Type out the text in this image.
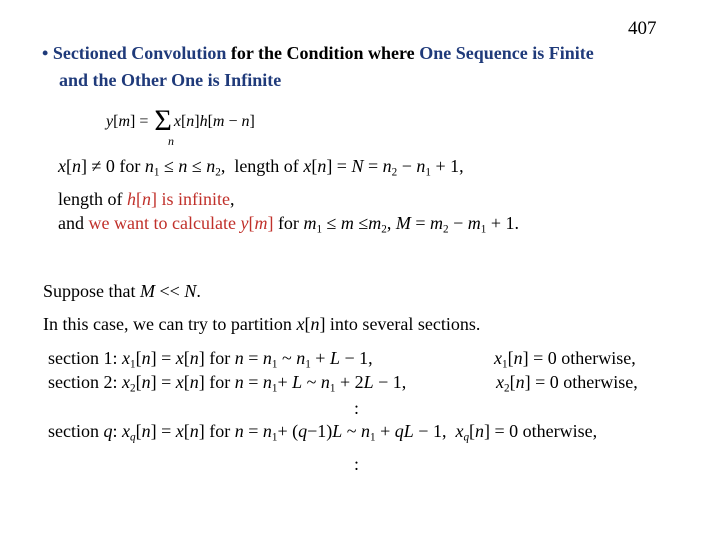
407
• Sectioned Convolution for the Condition where One Sequence is Finite
and the Other One is Infinite
y[m] = Σ x[n]h[m − n]
n
x[n] ≠ 0 for $n_1 \le n \le n_2$,  length of $x[n] = N = n_2 - n_1 + 1$,
length of h[n] is infinite,
and we want to calculate y[m] for $m_1 \le m \le m_2$, $M = m_2 - m_1 + 1$.
Suppose that M << N.
In this case, we can try to partition x[n] into several sections.
section 1: $x_1[n] = x[n]$ for $n = n_1$ ~ $n_1 + L - 1$,	$x_1[n] = 0$ otherwise,
section 2: $x_2[n] = x[n]$ for $n = n_1+ L$ ~ $n_1 + 2L - 1$,	$x_2[n] = 0$ otherwise,
:
section q: $x_q[n] = x[n]$ for $n = n_1+ (q-1)L$ ~ $n_1$ + qL − 1,  $x_q[n] = 0$ otherwise,
:
